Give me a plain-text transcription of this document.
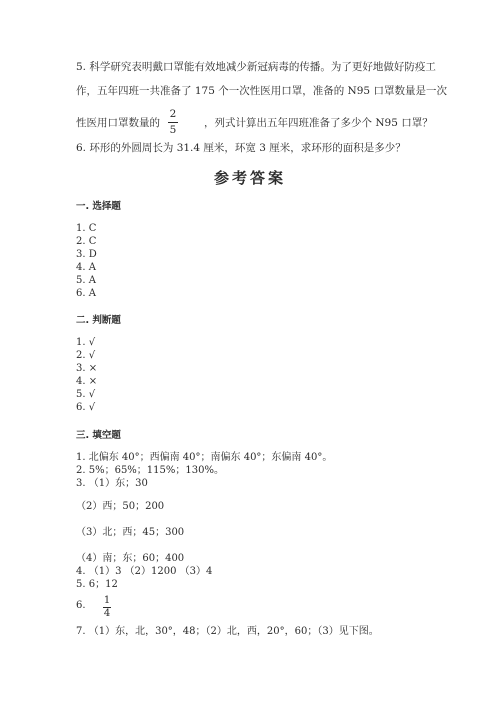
5. 科学研究表明戴口罩能有效地减少新冠病毒的传播。为了更好地做好防疫工
作，五年四班一共准备了 175 个一次性医用口罩，准备的 N95 口罩数量是一次
性医用口罩数量的
2
5
，列式计算出五年四班准备了多少个 N95 口罩？
6. 环形的外圆周长为 31.4 厘米，环宽 3 厘米，求环形的面积是多少？
参考答案
一. 选择题
1. C
2. C
3. D
4. A
5. A
6. A
二. 判断题
1. √
2. √
3. ×
4. ×
5. √
6. √
三. 填空题
1. 北偏东 40°；西偏南 40°；南偏东 40°；东偏南 40°。
2. 5%；65%；115%；130%。
3. （1）东；30
（2）西；50；200
（3）北；西；45；300
（4）南；东；60；400
4. （1）3 （2）1200 （3）4
5. 6；12
6. 1
4
7. （1）东，北，30°，48；（2）北，西，20°，60；（3）见下图。
